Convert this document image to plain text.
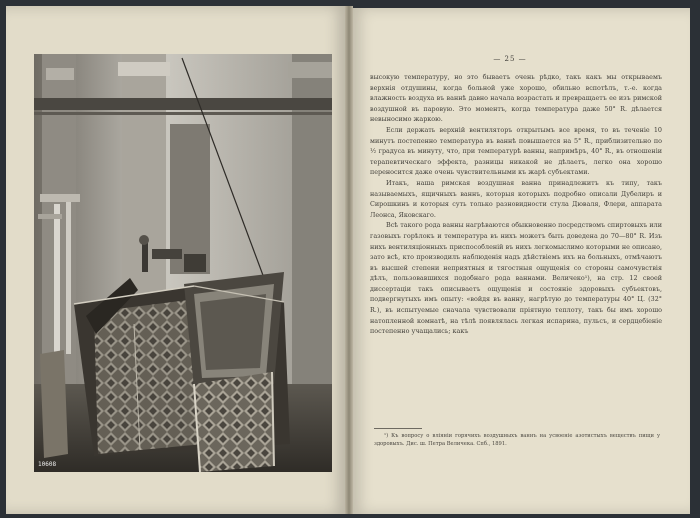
10608
— 25 —

высокую температуру, но это бываетъ очень рѣдко, такъ какъ мы открываемъ верхнія отдушины, когда больной уже хорошо, обильно вспотѣлъ, т.-е. когда влажность воздуха въ ваннѣ давно начала возрастать и превращаетъ ее изъ римской воздушной въ паровую. Это моментъ, когда температура даже 50° R. дѣлается невыносимо жаркою.

Если держать верхній вентиляторъ открытымъ все время, то въ теченіе 10 минутъ постепенно температура въ ваннѣ повышается на 5° R., приблизительно по ½ градуса въ минуту, что, при температурѣ ванны, напримѣръ, 40° R., въ отношеніи терапевтическаго эффекта, разницы никакой не дѣлаетъ, легко она хорошо переносится даже очень чувствительными къ жарѣ субъектами.

Итакъ, наша римская воздушная ванна принадлежитъ къ типу, такъ называемыхъ, ящичныхъ ваннъ, которыя которыхъ подробно описали Дубелиръ и Сирошкинъ и которыя суть только разновидности стула Дюваля, Флери, аппарата Леонса, Яковскаго.

Всѣ такого рода ванны нагрѣваются обыкновенно посредствомъ спиртовыхъ или газовыхъ горѣлокъ и температура въ нихъ можетъ быть доведена до 70—80° R. Изъ нихъ вентиляціонныхъ приспособленій въ нихъ легкомыслимо которыми не описано, зато всѣ, кто производилъ наблюденія надъ дѣйствіемъ ихъ на больныхъ, отмѣчаютъ въ высшей степени неприятныя и тягостныя ощущенія со стороны самочувствія дѣлъ, пользовавшихся подобнаго рода ваннами. Величеко¹), на стр. 12 своей диссертаціи такъ описываетъ ощущенія и состояніе здоровыхъ субъектовъ, подвергнутыхъ имъ опыту: «войдя въ ванну, нагрѣтую до температуры 40° Ц. (32° R.), въ испытуемые сначала чувствовали пріятную теплоту, такъ бы имъ хорошо натопленной комнатѣ, на тѣлѣ появлялась легкая испарина, пульсъ, и сердцебіеніе постепенно учащались; какъ

¹) Къ вопросу о вліяніи горячихъ воздушныхъ ваннъ на усвоеніе азотистыхъ веществъ пищи у здоровыхъ. Дис. ш. Петра Величека. Спб., 1891.
